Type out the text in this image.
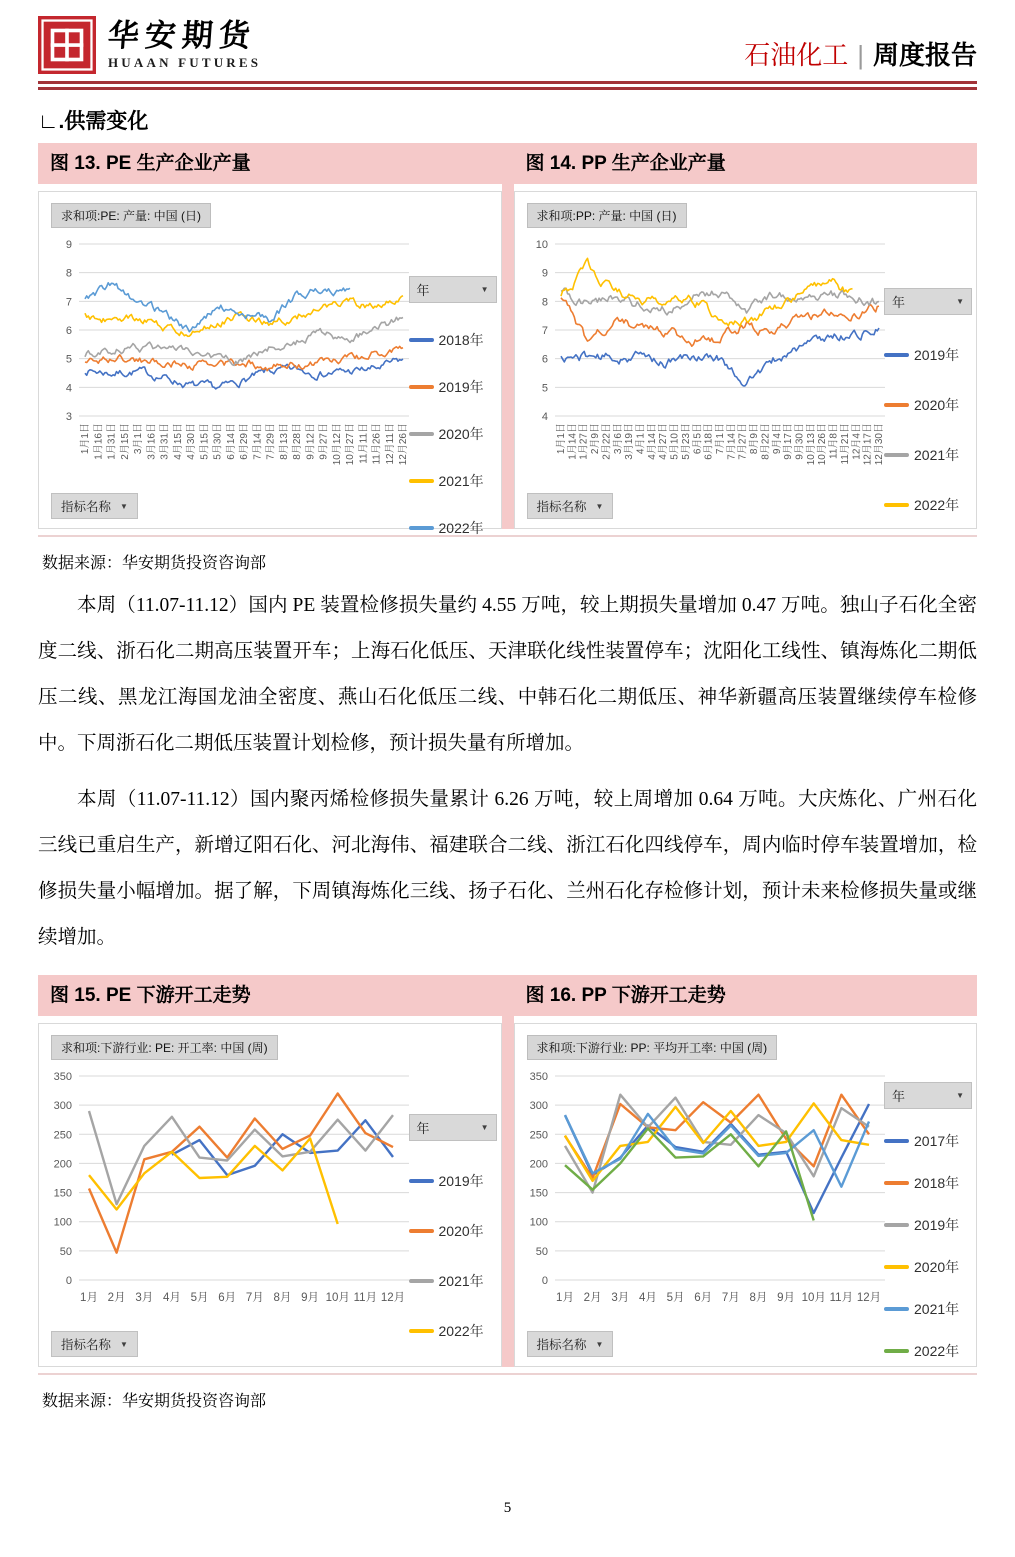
华安期货
HUAAN FUTURES	石油化工 | 周度报告
∟.供需变化
图 13. PE 生产企业产量
求和项:PE: 产量: 中国 (日)
9
8
7
6
5
4
3
1月1日 1月16日 1月31日 2月15日 3月1日 3月16日 3月31日 4月15日 4月30日 5月15日 5月30日 6月14日 6月29日 7月14日 7月29日 8月13日 8月28日 9月12日 9月27日 10月12日 10月27日 11月11日 11月26日 12月11日 12月26日
年	▼
2018年
2019年
2020年
2021年
2022年
指标名称 ▼
图 14. PP 生产企业产量
求和项:PP: 产量: 中国 (日)
10
9
8
7
6
5
4
1月1日 1月14日 1月27日 2月9日 2月22日 3月6日 3月19日 4月1日 4月14日 4月27日 5月10日 5月23日 6月5日 6月18日 7月1日 7月14日 7月27日 8月9日 8月22日 9月4日 9月17日 9月30日 10月13日 10月26日 11月8日 11月21日 12月4日 12月17日 12月30日
年	▼
2019年
2020年
2021年
2022年
指标名称 ▼
数据来源：华安期货投资咨询部

本周（11.07-11.12）国内 PE 装置检修损失量约 4.55 万吨，较上期损失量增加 0.47 万吨。独山子石化全密度二线、浙石化二期高压装置开车；上海石化低压、天津联化线性装置停车；沈阳化工线性、镇海炼化二期低压二线、黑龙江海国龙油全密度、燕山石化低压二线、中韩石化二期低压、神华新疆高压装置继续停车检修中。下周浙石化二期低压装置计划检修，预计损失量有所增加。

本周（11.07-11.12）国内聚丙烯检修损失量累计 6.26 万吨，较上周增加 0.64 万吨。大庆炼化、广州石化三线已重启生产，新增辽阳石化、河北海伟、福建联合二线、浙江石化四线停车，周内临时停车装置增加，检修损失量小幅增加。据了解，下周镇海炼化三线、扬子石化、兰州石化存检修计划，预计未来检修损失量或继续增加。

图 15. PE 下游开工走势
求和项:下游行业: PE: 开工率: 中国 (周)
350
300
250
200
150
100
50
0
1月 2月 3月 4月 5月 6月 7月 8月 9月 10月 11月 12月
年	▼
2019年
2020年
2021年
2022年
指标名称 ▼
图 16. PP 下游开工走势
求和项:下游行业: PP: 平均开工率: 中国 (周)
350
300
250
200
150
100
50
0
1月 2月 3月 4月 5月 6月 7月 8月 9月 10月 11月 12月
年	▼
2017年
2018年
2019年
2020年
2021年
2022年
指标名称 ▼
数据来源：华安期货投资咨询部
5
